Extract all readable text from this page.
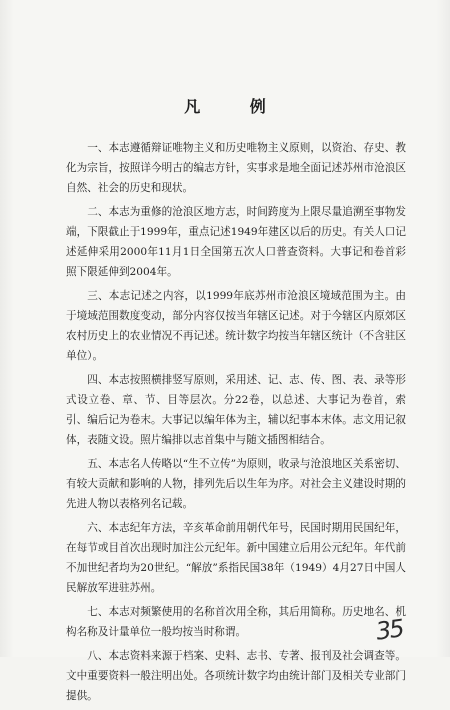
凡 例

一、本志遵循辩证唯物主义和历史唯物主义原则，以资治、存史、教化为宗旨，按照详今明古的编志方针，实事求是地全面记述苏州市沧浪区自然、社会的历史和现状。

二、本志为重修的沧浪区地方志，时间跨度为上限尽量追溯至事物发端，下限截止于1999年，重点记述1949年建区以后的历史。有关人口记述延伸采用2000年11月1日全国第五次人口普查资料。大事记和卷首彩照下限延伸到2004年。

三、本志记述之内容，以1999年底苏州市沧浪区境域范围为主。由于境域范围数度变动，部分内容仅按当年辖区记述。对于今辖区内原郊区农村历史上的农业情况不再记述。统计数字均按当年辖区统计（不含驻区单位）。

四、本志按照横排竖写原则，采用述、记、志、传、图、表、录等形式设立卷、章、节、目等层次。分22卷，以总述、大事记为卷首，索引、编后记为卷末。大事记以编年体为主，辅以纪事本末体。志文用记叙体，表随文设。照片编排以志首集中与随文插图相结合。

五、本志名人传略以“生不立传”为原则，收录与沧浪地区关系密切、有较大贡献和影响的人物，排列先后以生年为序。对社会主义建设时期的先进人物以表格列名记载。

六、本志纪年方法，辛亥革命前用朝代年号，民国时期用民国纪年，在每节或目首次出现时加注公元纪年。新中国建立后用公元纪年。年代前不加世纪者均为20世纪。“解放”系指民国38年（1949）4月27日中国人民解放军进驻苏州。

七、本志对频繁使用的名称首次用全称，其后用简称。历史地名、机构名称及计量单位一般均按当时称谓。

八、本志资料来源于档案、史料、志书、专著、报刊及社会调查等。文中重要资料一般注明出处。各项统计数字均由统计部门及相关专业部门提供。

35
